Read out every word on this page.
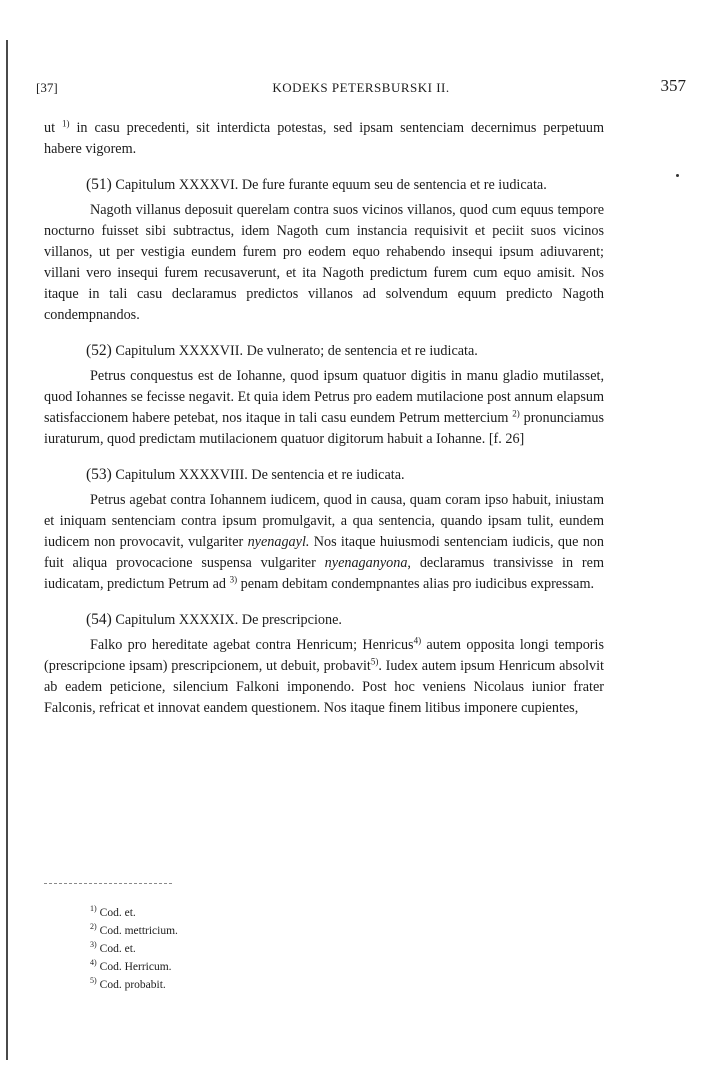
[37]	KODEKS PETERSBURSKI II.	357

ut $^{1)}$ in casu precedenti, sit interdicta potestas, sed ipsam sentenciam decernimus perpetuum habere vigorem.

(51) Capitulum XXXXVI. De fure furante equum seu de sentencia et re iudicata.

Nagoth villanus deposuit querelam contra suos vicinos villanos, quod cum equus tempore nocturno fuisset sibi subtractus, idem Nagoth cum instancia requisivit et peciit suos vicinos villanos, ut per vestigia eundem furem pro eodem equo rehabendo insequi ipsum adiuvarent; villani vero insequi furem recusaverunt, et ita Nagoth predictum furem cum equo amisit. Nos itaque in tali casu declaramus predictos villanos ad solvendum equum predicto Nagoth condempnandos.

(52) Capitulum XXXXVII. De vulnerato; de sentencia et re iudicata.

Petrus conquestus est de Iohanne, quod ipsum quatuor digitis in manu gladio mutilasset, quod Iohannes se fecisse negavit. Et quia idem Petrus pro eadem mutilacione post annum elapsum satisfaccionem habere petebat, nos itaque in tali casu eundem Petrum mettercium $^{2)}$ pronunciamus iuraturum, quod predictam mutilacionem quatuor digitorum habuit a Iohanne. [f. 26]

(53) Capitulum XXXXVIII. De sentencia et re iudicata.

Petrus agebat contra Iohannem iudicem, quod in causa, quam coram ipso habuit, iniustam et iniquam sentenciam contra ipsum promulgavit, a qua sentencia, quando ipsam tulit, eundem iudicem non provocavit, vulgariter nyenagayl. Nos itaque huiusmodi sentenciam iudicis, que non fuit aliqua provocacione suspensa vulgariter nyenaganyona, declaramus transivisse in rem iudicatam, predictum Petrum ad $^{3)}$ penam debitam condempnantes alias pro iudicibus expressam.

(54) Capitulum XXXXIX. De prescripcione.

Falko pro hereditate agebat contra Henricum; Henricus$^{4)}$ autem opposita longi temporis (prescripcione ipsam) prescripcionem, ut debuit, probavit$^{5)}$. Iudex autem ipsum Henricum absolvit ab eadem peticione, silencium Falkoni imponendo. Post hoc veniens Nicolaus iunior frater Falconis, refricat et innovat eandem questionem. Nos itaque finem litibus imponere cupientes,

$^{1)}$ Cod. et.
$^{2)}$ Cod. mettricium.
$^{3)}$ Cod. et.
$^{4)}$ Cod. Herricum.
$^{5)}$ Cod. probabit.
